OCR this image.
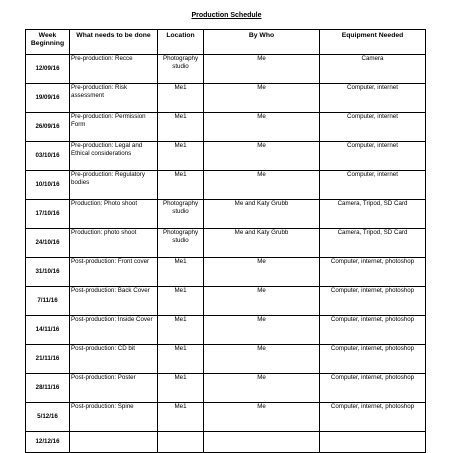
Production Schedule
Week Beginning	What needs to be done	Location	By Who	Equipment Needed
12/09/16	Pre-production: Recce	Photography studio	Me	Camera
19/09/16	Pre-production: Risk assessment	Me1	Me	Computer, internet
26/09/16	Pre-production: Permission Form	Me1	Me	Computer, internet
03/10/16	Pre-production: Legal and Ethical considerations	Me1	Me	Computer, internet
10/10/16	Pre-production: Regulatory bodies	Me1	Me	Computer, internet
17/10/16	Production: Photo shoot	Photography studio	Me and Katy Grubb	Camera, Tripod, SD Card
24/10/16	Production: photo shoot	Photography studio	Me and Katy Grubb	Camera, Tripod, SD Card
31/10/16	Post-production: Front cover	Me1	Me	Computer, internet, photoshop
7/11/16	Post-production: Back Cover	Me1	Me	Computer, internet, photoshop
14/11/16	Post-production: Inside Cover	Me1	Me	Computer, internet, photoshop
21/11/16	Post-production: CD bit	Me1	Me	Computer, internet, photoshop
28/11/16	Post-production: Poster	Me1	Me	Computer, internet, photoshop
5/12/16	Post-production: Spine	Me1	Me	Computer, internet, photoshop
12/12/16				
